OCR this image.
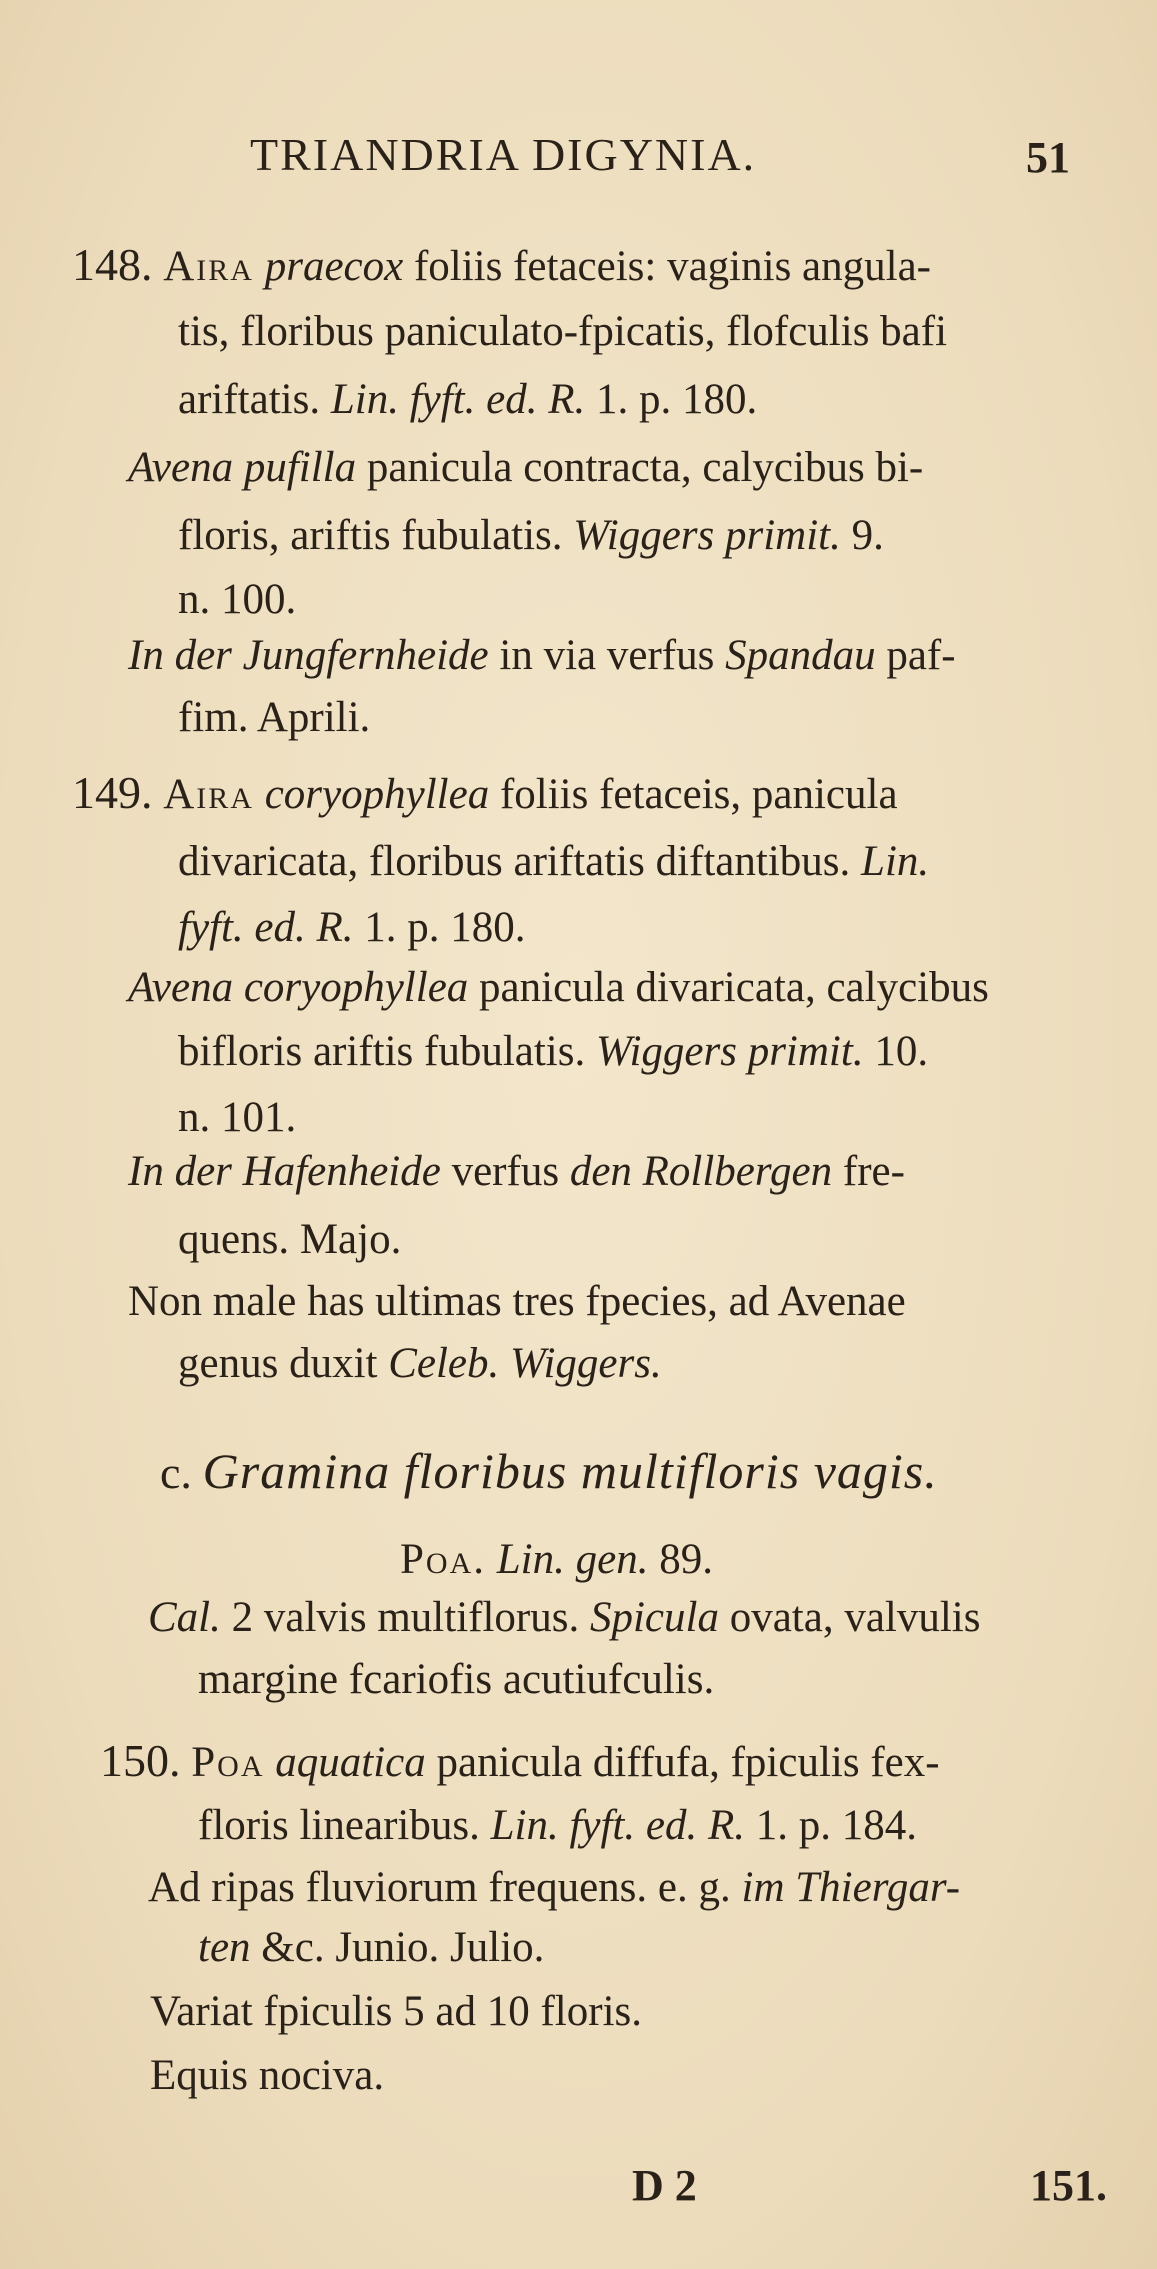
TRIANDRIA DIGYNIA.	51
148. Aira praecox foliis fetaceis: vaginis angula-
tis, floribus paniculato-fpicatis, flofculis bafi
ariftatis. Lin. fyft. ed. R. 1. p. 180.
Avena pufilla panicula contracta, calycibus bi-
floris, ariftis fubulatis. Wiggers primit. 9.
n. 100.
In der Jungfernheide in via verfus Spandau paf-
fim. Aprili.
149. Aira coryophyllea foliis fetaceis, panicula
divaricata, floribus ariftatis diftantibus. Lin.
fyft. ed. R. 1. p. 180.
Avena coryophyllea panicula divaricata, calycibus
bifloris ariftis fubulatis. Wiggers primit. 10.
n. 101.
In der Hafenheide verfus den Rollbergen fre-
quens. Majo.
Non male has ultimas tres fpecies, ad Avenae
genus duxit Celeb. Wiggers.
c. Gramina floribus multifloris vagis.
Poa. Lin. gen. 89.
Cal. 2 valvis multiflorus. Spicula ovata, valvulis
margine fcariofis acutiufculis.
150. Poa aquatica panicula diffufa, fpiculis fex-
floris linearibus. Lin. fyft. ed. R. 1. p. 184.
Ad ripas fluviorum frequens. e. g. im Thiergar-
ten &c. Junio. Julio.
Variat fpiculis 5 ad 10 floris.
Equis nociva.
D 2	151.
